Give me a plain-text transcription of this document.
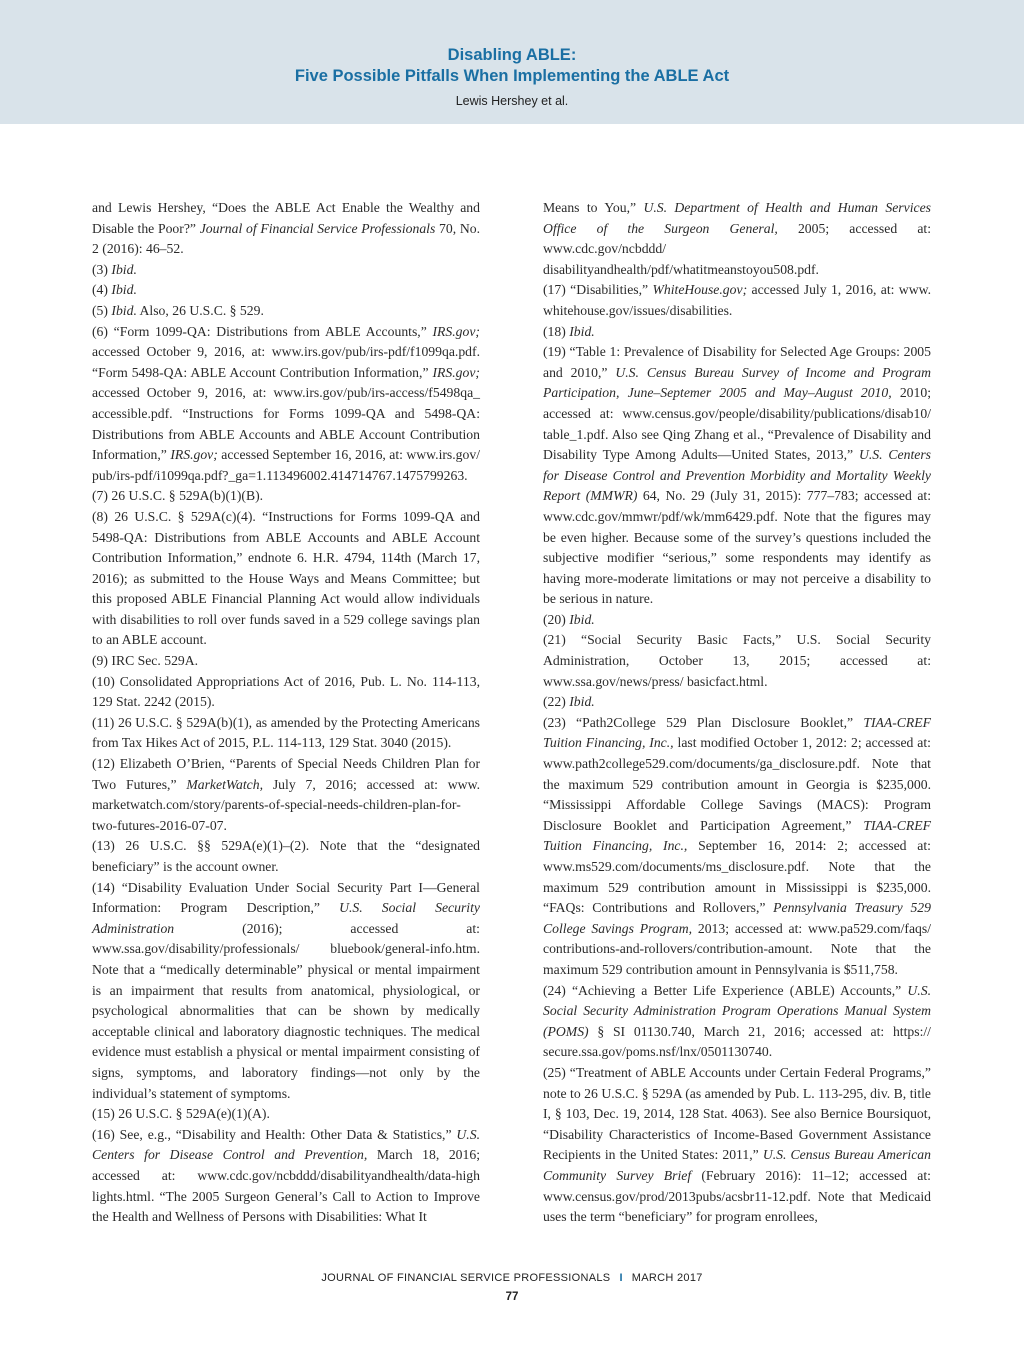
Disabling ABLE:
Five Possible Pitfalls When Implementing the ABLE Act
Lewis Hershey et al.

and Lewis Hershey, “Does the ABLE Act Enable the Wealthy and Disable the Poor?” Journal of Financial Service Professionals 70, No. 2 (2016): 46–52.

(3) Ibid.

(4) Ibid.

(5) Ibid. Also, 26 U.S.C. § 529.

(6) “Form 1099-QA: Distributions from ABLE Accounts,” IRS.gov; accessed October 9, 2016, at: www.irs.gov/pub/irs-pdf/f1099qa.pdf. “Form 5498-QA: ABLE Account Contribution Information,” IRS.gov; accessed October 9, 2016, at: www.irs.gov/pub/irs-access/f5498qa_ accessible.pdf. “Instructions for Forms 1099-QA and 5498-QA: Distributions from ABLE Accounts and ABLE Account Contribution Information,” IRS.gov; accessed September 16, 2016, at: www.irs.gov/ pub/irs-pdf/i1099qa.pdf?_ga=1.113496002.414714767.1475799263.

(7) 26 U.S.C. § 529A(b)(1)(B).

(8) 26 U.S.C. § 529A(c)(4). “Instructions for Forms 1099-QA and 5498-QA: Distributions from ABLE Accounts and ABLE Account Contribution Information,” endnote 6. H.R. 4794, 114th (March 17, 2016); as submitted to the House Ways and Means Committee; but this proposed ABLE Financial Planning Act would allow individuals with disabilities to roll over funds saved in a 529 college savings plan to an ABLE account.

(9) IRC Sec. 529A.

(10) Consolidated Appropriations Act of 2016, Pub. L. No. 114-113, 129 Stat. 2242 (2015).

(11) 26 U.S.C. § 529A(b)(1), as amended by the Protecting Americans from Tax Hikes Act of 2015, P.L. 114-113, 129 Stat. 3040 (2015).

(12) Elizabeth O’Brien, “Parents of Special Needs Children Plan for Two Futures,” MarketWatch, July 7, 2016; accessed at: www. marketwatch.com/story/parents-of-special-needs-children-plan-for-two-futures-2016-07-07.

(13) 26 U.S.C. §§ 529A(e)(1)–(2). Note that the “designated beneficiary” is the account owner.

(14) “Disability Evaluation Under Social Security Part I—General Information: Program Description,” U.S. Social Security Administration (2016); accessed at: www.ssa.gov/disability/professionals/ bluebook/general-info.htm. Note that a “medically determinable” physical or mental impairment is an impairment that results from anatomical, physiological, or psychological abnormalities that can be shown by medically acceptable clinical and laboratory diagnostic techniques. The medical evidence must establish a physical or mental impairment consisting of signs, symptoms, and laboratory findings—not only by the individual’s statement of symptoms.

(15) 26 U.S.C. § 529A(e)(1)(A).

(16) See, e.g., “Disability and Health: Other Data & Statistics,” U.S. Centers for Disease Control and Prevention, March 18, 2016; accessed at: www.cdc.gov/ncbddd/disabilityandhealth/data-high lights.html. “The 2005 Surgeon General’s Call to Action to Improve the Health and Wellness of Persons with Disabilities: What It

Means to You,” U.S. Department of Health and Human Services Office of the Surgeon General, 2005; accessed at: www.cdc.gov/ncbddd/ disabilityandhealth/pdf/whatitmeanstoyou508.pdf.

(17) “Disabilities,” WhiteHouse.gov; accessed July 1, 2016, at: www. whitehouse.gov/issues/disabilities.

(18) Ibid.

(19) “Table 1: Prevalence of Disability for Selected Age Groups: 2005 and 2010,” U.S. Census Bureau Survey of Income and Program Participation, June–Septemer 2005 and May–August 2010, 2010; accessed at: www.census.gov/people/disability/publications/disab10/ table_1.pdf. Also see Qing Zhang et al., “Prevalence of Disability and Disability Type Among Adults—United States, 2013,” U.S. Centers for Disease Control and Prevention Morbidity and Mortality Weekly Report (MMWR) 64, No. 29 (July 31, 2015): 777–783; accessed at: www.cdc.gov/mmwr/pdf/wk/mm6429.pdf. Note that the figures may be even higher. Because some of the survey’s questions included the subjective modifier “serious,” some respondents may identify as having more-moderate limitations or may not perceive a disability to be serious in nature.

(20) Ibid.

(21) “Social Security Basic Facts,” U.S. Social Security Administration, October 13, 2015; accessed at: www.ssa.gov/news/press/ basicfact.html.

(22) Ibid.

(23) “Path2College 529 Plan Disclosure Booklet,” TIAA-CREF Tuition Financing, Inc., last modified October 1, 2012: 2; accessed at: www.path2college529.com/documents/ga_disclosure.pdf. Note that the maximum 529 contribution amount in Georgia is $235,000. “Mississippi Affordable College Savings (MACS): Program Disclosure Booklet and Participation Agreement,” TIAA-CREF Tuition Financing, Inc., September 16, 2014: 2; accessed at: www.ms529.com/documents/ms_disclosure.pdf. Note that the maximum 529 contribution amount in Mississippi is $235,000. “FAQs: Contributions and Rollovers,” Pennsylvania Treasury 529 College Savings Program, 2013; accessed at: www.pa529.com/faqs/ contributions-and-rollovers/contribution-amount. Note that the maximum 529 contribution amount in Pennsylvania is $511,758.

(24) “Achieving a Better Life Experience (ABLE) Accounts,” U.S. Social Security Administration Program Operations Manual System (POMS) § SI 01130.740, March 21, 2016; accessed at: https:// secure.ssa.gov/poms.nsf/lnx/0501130740.

(25) “Treatment of ABLE Accounts under Certain Federal Programs,” note to 26 U.S.C. § 529A (as amended by Pub. L. 113-295, div. B, title I, § 103, Dec. 19, 2014, 128 Stat. 4063). See also Bernice Boursiquot, “Disability Characteristics of Income-Based Government Assistance Recipients in the United States: 2011,” U.S. Census Bureau American Community Survey Brief (February 2016): 11–12; accessed at: www.census.gov/prod/2013pubs/acsbr11-12.pdf. Note that Medicaid uses the term “beneficiary” for program enrollees,

JOURNAL OF FINANCIAL SERVICE PROFESSIONALS I MARCH 2017
77
